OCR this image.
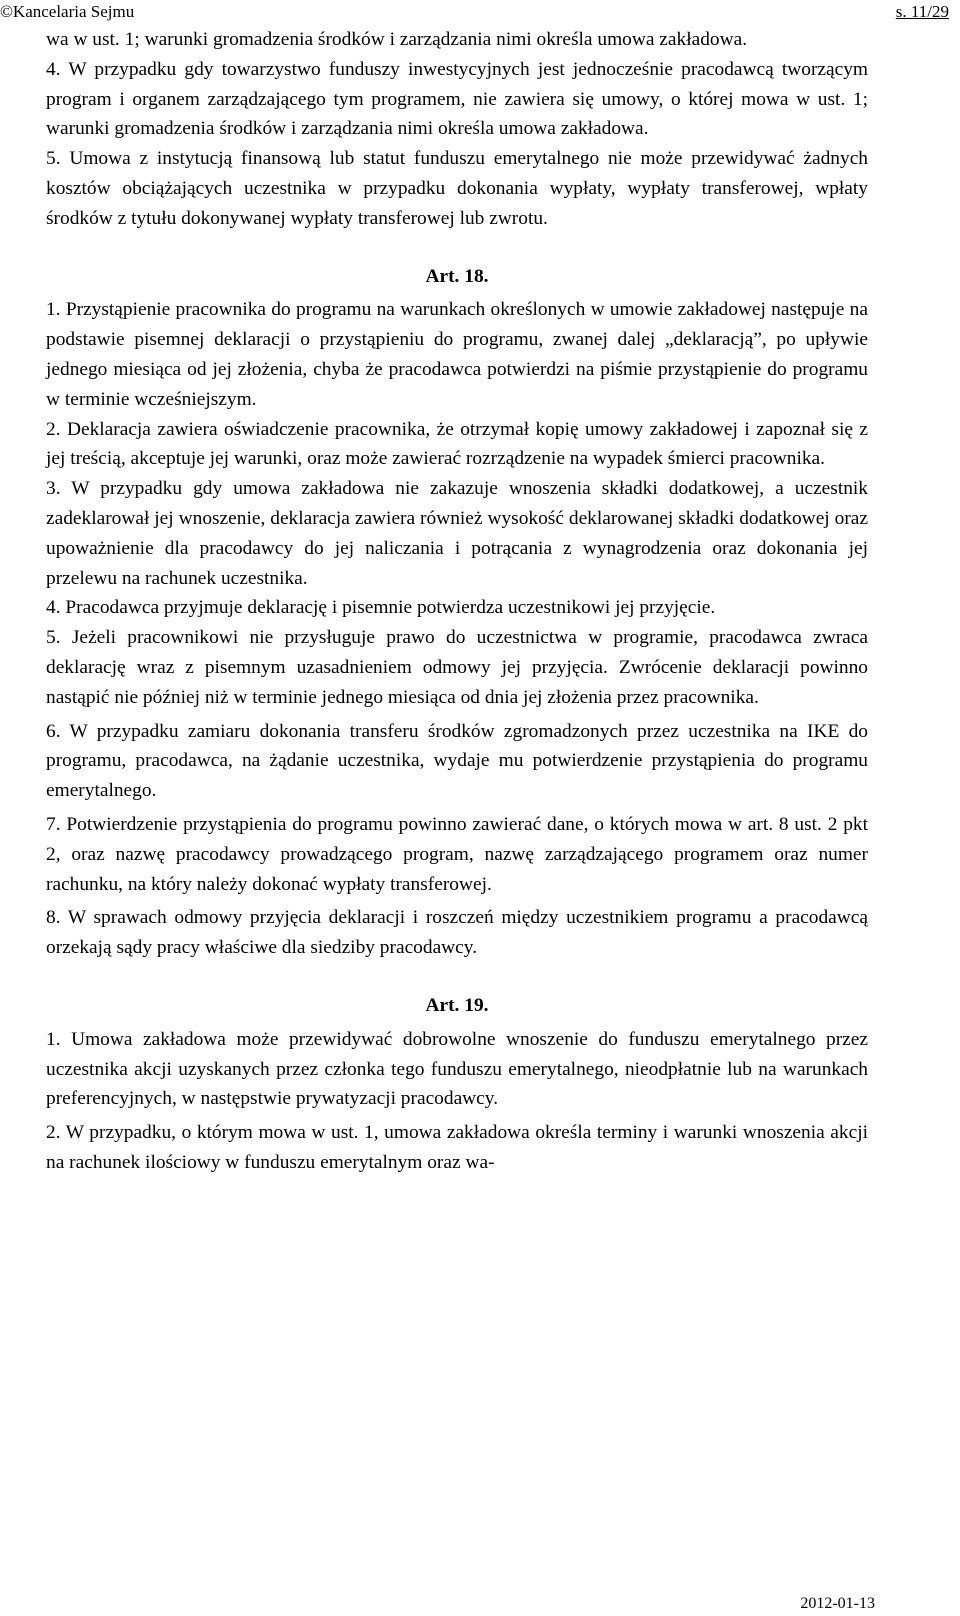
©Kancelaria Sejmu	s. 11/29

wa w ust. 1; warunki gromadzenia środków i zarządzania nimi określa umowa zakładowa.

4. W przypadku gdy towarzystwo funduszy inwestycyjnych jest jednocześnie pracodawcą tworzącym program i organem zarządzającego tym programem, nie zawiera się umowy, o której mowa w ust. 1; warunki gromadzenia środków i zarządzania nimi określa umowa zakładowa.

5. Umowa z instytucją finansową lub statut funduszu emerytalnego nie może przewidywać żadnych kosztów obciążających uczestnika w przypadku dokonania wypłaty, wypłaty transferowej, wpłaty środków z tytułu dokonywanej wypłaty transferowej lub zwrotu.

Art. 18.

1. Przystąpienie pracownika do programu na warunkach określonych w umowie zakładowej następuje na podstawie pisemnej deklaracji o przystąpieniu do programu, zwanej dalej „deklaracją”, po upływie jednego miesiąca od jej złożenia, chyba że pracodawca potwierdzi na piśmie przystąpienie do programu w terminie wcześniejszym.

2. Deklaracja zawiera oświadczenie pracownika, że otrzymał kopię umowy zakładowej i zapoznał się z jej treścią, akceptuje jej warunki, oraz może zawierać rozrządzenie na wypadek śmierci pracownika.

3. W przypadku gdy umowa zakładowa nie zakazuje wnoszenia składki dodatkowej, a uczestnik zadeklarował jej wnoszenie, deklaracja zawiera również wysokość deklarowanej składki dodatkowej oraz upoważnienie dla pracodawcy do jej naliczania i potrącania z wynagrodzenia oraz dokonania jej przelewu na rachunek uczestnika.

4. Pracodawca przyjmuje deklarację i pisemnie potwierdza uczestnikowi jej przyjęcie.

5. Jeżeli pracownikowi nie przysługuje prawo do uczestnictwa w programie, pracodawca zwraca deklarację wraz z pisemnym uzasadnieniem odmowy jej przyjęcia. Zwrócenie deklaracji powinno nastąpić nie później niż w terminie jednego miesiąca od dnia jej złożenia przez pracownika.

6. W przypadku zamiaru dokonania transferu środków zgromadzonych przez uczestnika na IKE do programu, pracodawca, na żądanie uczestnika, wydaje mu potwierdzenie przystąpienia do programu emerytalnego.

7. Potwierdzenie przystąpienia do programu powinno zawierać dane, o których mowa w art. 8 ust. 2 pkt 2, oraz nazwę pracodawcy prowadzącego program, nazwę zarządzającego programem oraz numer rachunku, na który należy dokonać wypłaty transferowej.

8. W sprawach odmowy przyjęcia deklaracji i roszczeń między uczestnikiem programu a pracodawcą orzekają sądy pracy właściwe dla siedziby pracodawcy.

Art. 19.

1. Umowa zakładowa może przewidywać dobrowolne wnoszenie do funduszu emerytalnego przez uczestnika akcji uzyskanych przez członka tego funduszu emerytalnego, nieodpłatnie lub na warunkach preferencyjnych, w następstwie prywatyzacji pracodawcy.

2. W przypadku, o którym mowa w ust. 1, umowa zakładowa określa terminy i warunki wnoszenia akcji na rachunek ilościowy w funduszu emerytalnym oraz wa-

2012-01-13
